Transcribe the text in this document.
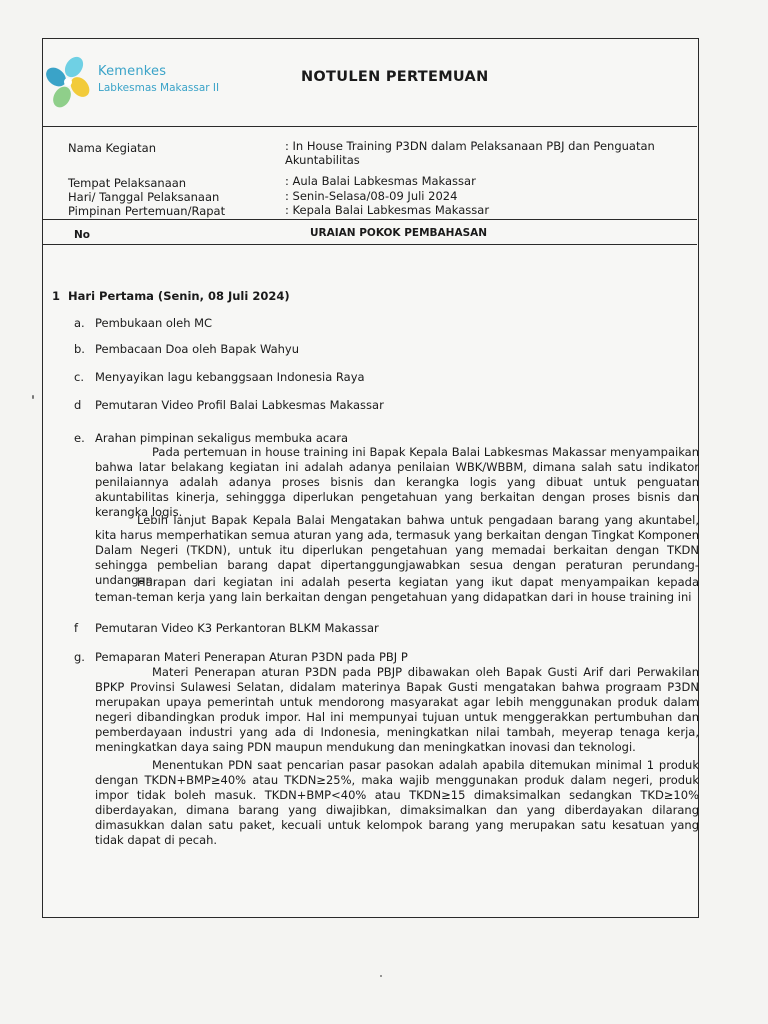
Kemenkes
Labkesmas Makassar II
NOTULEN PERTEMUAN
Nama Kegiatan	: In House Training P3DN dalam Pelaksanaan PBJ dan Penguatan Akuntabilitas
Tempat Pelaksanaan	: Aula Balai Labkesmas Makassar
Hari/ Tanggal Pelaksanaan	: Senin-Selasa/08-09 Juli 2024
Pimpinan Pertemuan/Rapat	: Kepala Balai Labkesmas Makassar
No	URAIAN POKOK PEMBAHASAN
1 Hari Pertama (Senin, 08 Juli 2024)
a. Pembukaan oleh MC
b. Pembacaan Doa oleh Bapak Wahyu
c. Menyayikan lagu kebanggsaan Indonesia Raya
d Pemutaran Video Profil Balai Labkesmas Makassar
e. Arahan pimpinan sekaligus membuka acara

Pada pertemuan in house training ini Bapak Kepala Balai Labkesmas Makassar menyampaikan bahwa latar belakang kegiatan ini adalah adanya penilaian WBK/WBBM, dimana salah satu indikator penilaiannya adalah adanya proses bisnis dan kerangka logis yang dibuat untuk penguatan akuntabilitas kinerja, sehinggga diperlukan pengetahuan yang berkaitan dengan proses bisnis dan kerangka logis.

Lebih lanjut Bapak Kepala Balai Mengatakan bahwa untuk pengadaan barang yang akuntabel, kita harus memperhatikan semua aturan yang ada, termasuk yang berkaitan dengan Tingkat Komponen Dalam Negeri (TKDN), untuk itu diperlukan pengetahuan yang memadai berkaitan dengan TKDN sehingga pembelian barang dapat dipertanggungjawabkan sesua dengan peraturan perundang-undangan.

Harapan dari kegiatan ini adalah peserta kegiatan yang ikut dapat menyampaikan kepada teman-teman kerja yang lain berkaitan dengan pengetahuan yang didapatkan dari in house training ini

f Pemutaran Video K3 Perkantoran BLKM Makassar
g. Pemaparan Materi Penerapan Aturan P3DN pada PBJ P

Materi Penerapan aturan P3DN pada PBJP dibawakan oleh Bapak Gusti Arif dari Perwakilan BPKP Provinsi Sulawesi Selatan, didalam materinya Bapak Gusti mengatakan bahwa prograam P3DN merupakan upaya pemerintah untuk mendorong masyarakat agar lebih menggunakan produk dalam negeri dibandingkan produk impor. Hal ini mempunyai tujuan untuk menggerakkan pertumbuhan dan pemberdayaan industri yang ada di Indonesia, meningkatkan nilai tambah, meyerap tenaga kerja, meningkatkan daya saing PDN maupun mendukung dan meningkatkan inovasi dan teknologi.

Menentukan PDN saat pencarian pasar pasokan adalah apabila ditemukan minimal 1 produk dengan TKDN+BMP≥40% atau TKDN≥25%, maka wajib menggunakan produk dalam negeri, produk impor tidak boleh masuk. TKDN+BMP<40% atau TKDN≥15 dimaksimalkan sedangkan TKD≥10% diberdayakan, dimana barang yang diwajibkan, dimaksimalkan dan yang diberdayakan dilarang dimasukkan dalan satu paket, kecuali untuk kelompok barang yang merupakan satu kesatuan yang tidak dapat di pecah.
